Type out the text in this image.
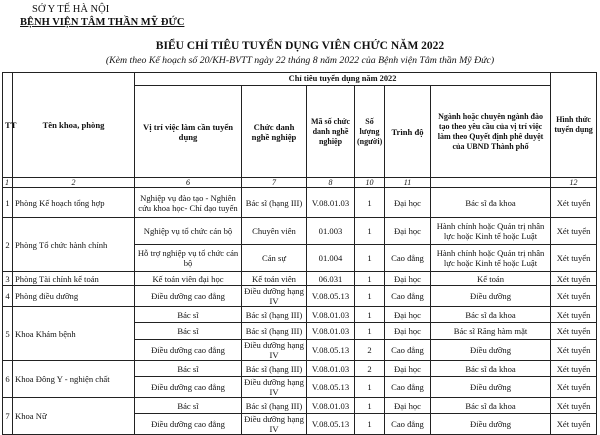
SỞ Y TẾ HÀ NỘI
BỆNH VIỆN TÂM THẦN MỸ ĐỨC
BIỂU CHỈ TIÊU TUYỂN DỤNG VIÊN CHỨC NĂM 2022
(Kèm theo Kế hoạch số 20/KH-BVTT ngày 22 tháng 8 năm 2022 của Bệnh viện Tâm thần Mỹ Đức)
TT	Tên khoa, phòng	Chỉ tiêu tuyển dụng năm 2022						Hình thức tuyển dụng
		Vị trí việc làm cần tuyển dụng	Chức danh nghề nghiệp	Mã số chức danh nghề nghiệp	Số lượng (người)	Trình độ	Ngành hoặc chuyên ngành đào tạo theo yêu cầu của vị trí việc làm theo Quyết định phê duyệt của UBND Thành phố	
1	2	6	7	8	10	11		12
1	Phòng Kế hoạch tổng hợp	Nghiệp vụ đào tạo - Nghiên cứu khoa học- Chỉ đạo tuyến	Bác sĩ (hạng III)	V.08.01.03	1	Đại học	Bác sĩ đa khoa	Xét tuyển
2	Phòng Tổ chức hành chính	Nghiệp vụ tổ chức cán bộ	Chuyên viên	01.003	1	Đại học	Hành chính hoặc Quản trị nhân lực hoặc Kinh tế hoặc Luật	Xét tuyển
		Hỗ trợ nghiệp vụ tổ chức cán bộ	Cán sự	01.004	1	Cao đẳng	Hành chính hoặc Quản trị nhân lực hoặc Kinh tế hoặc Luật	Xét tuyển
3	Phòng Tài chính kế toán	Kế toán viên đại học	Kế toán viên	06.031	1	Đại học	Kế toán	Xét tuyển
4	Phòng điều dưỡng	Điều dưỡng cao đẳng	Điều dưỡng hạng IV	V.08.05.13	1	Cao đẳng	Điều dưỡng	Xét tuyển
5	Khoa Khám bệnh	Bác sĩ	Bác sĩ (hạng III)	V.08.01.03	1	Đại học	Bác sĩ đa khoa	Xét tuyển
		Bác sĩ	Bác sĩ (hạng III)	V.08.01.03	1	Đại học	Bác sĩ Răng hàm mặt	Xét tuyển
		Điều dưỡng cao đẳng	Điều dưỡng hạng IV	V.08.05.13	2	Cao đẳng	Điều dưỡng	Xét tuyển
6	Khoa Đông Y - nghiện chất	Bác sĩ	Bác sĩ (hạng III)	V.08.01.03	2	Đại học	Bác sĩ đa khoa	Xét tuyển
		Điều dưỡng cao đẳng	Điều dưỡng hạng IV	V.08.05.13	1	Cao đẳng	Điều dưỡng	Xét tuyển
7	Khoa Nữ	Bác sĩ	Bác sĩ (hạng III)	V.08.01.03	1	Đại học	Bác sĩ đa khoa	Xét tuyển
		Điều dưỡng cao đẳng	Điều dưỡng hạng IV	V.08.05.13	1	Cao đẳng	Điều dưỡng	Xét tuyển
